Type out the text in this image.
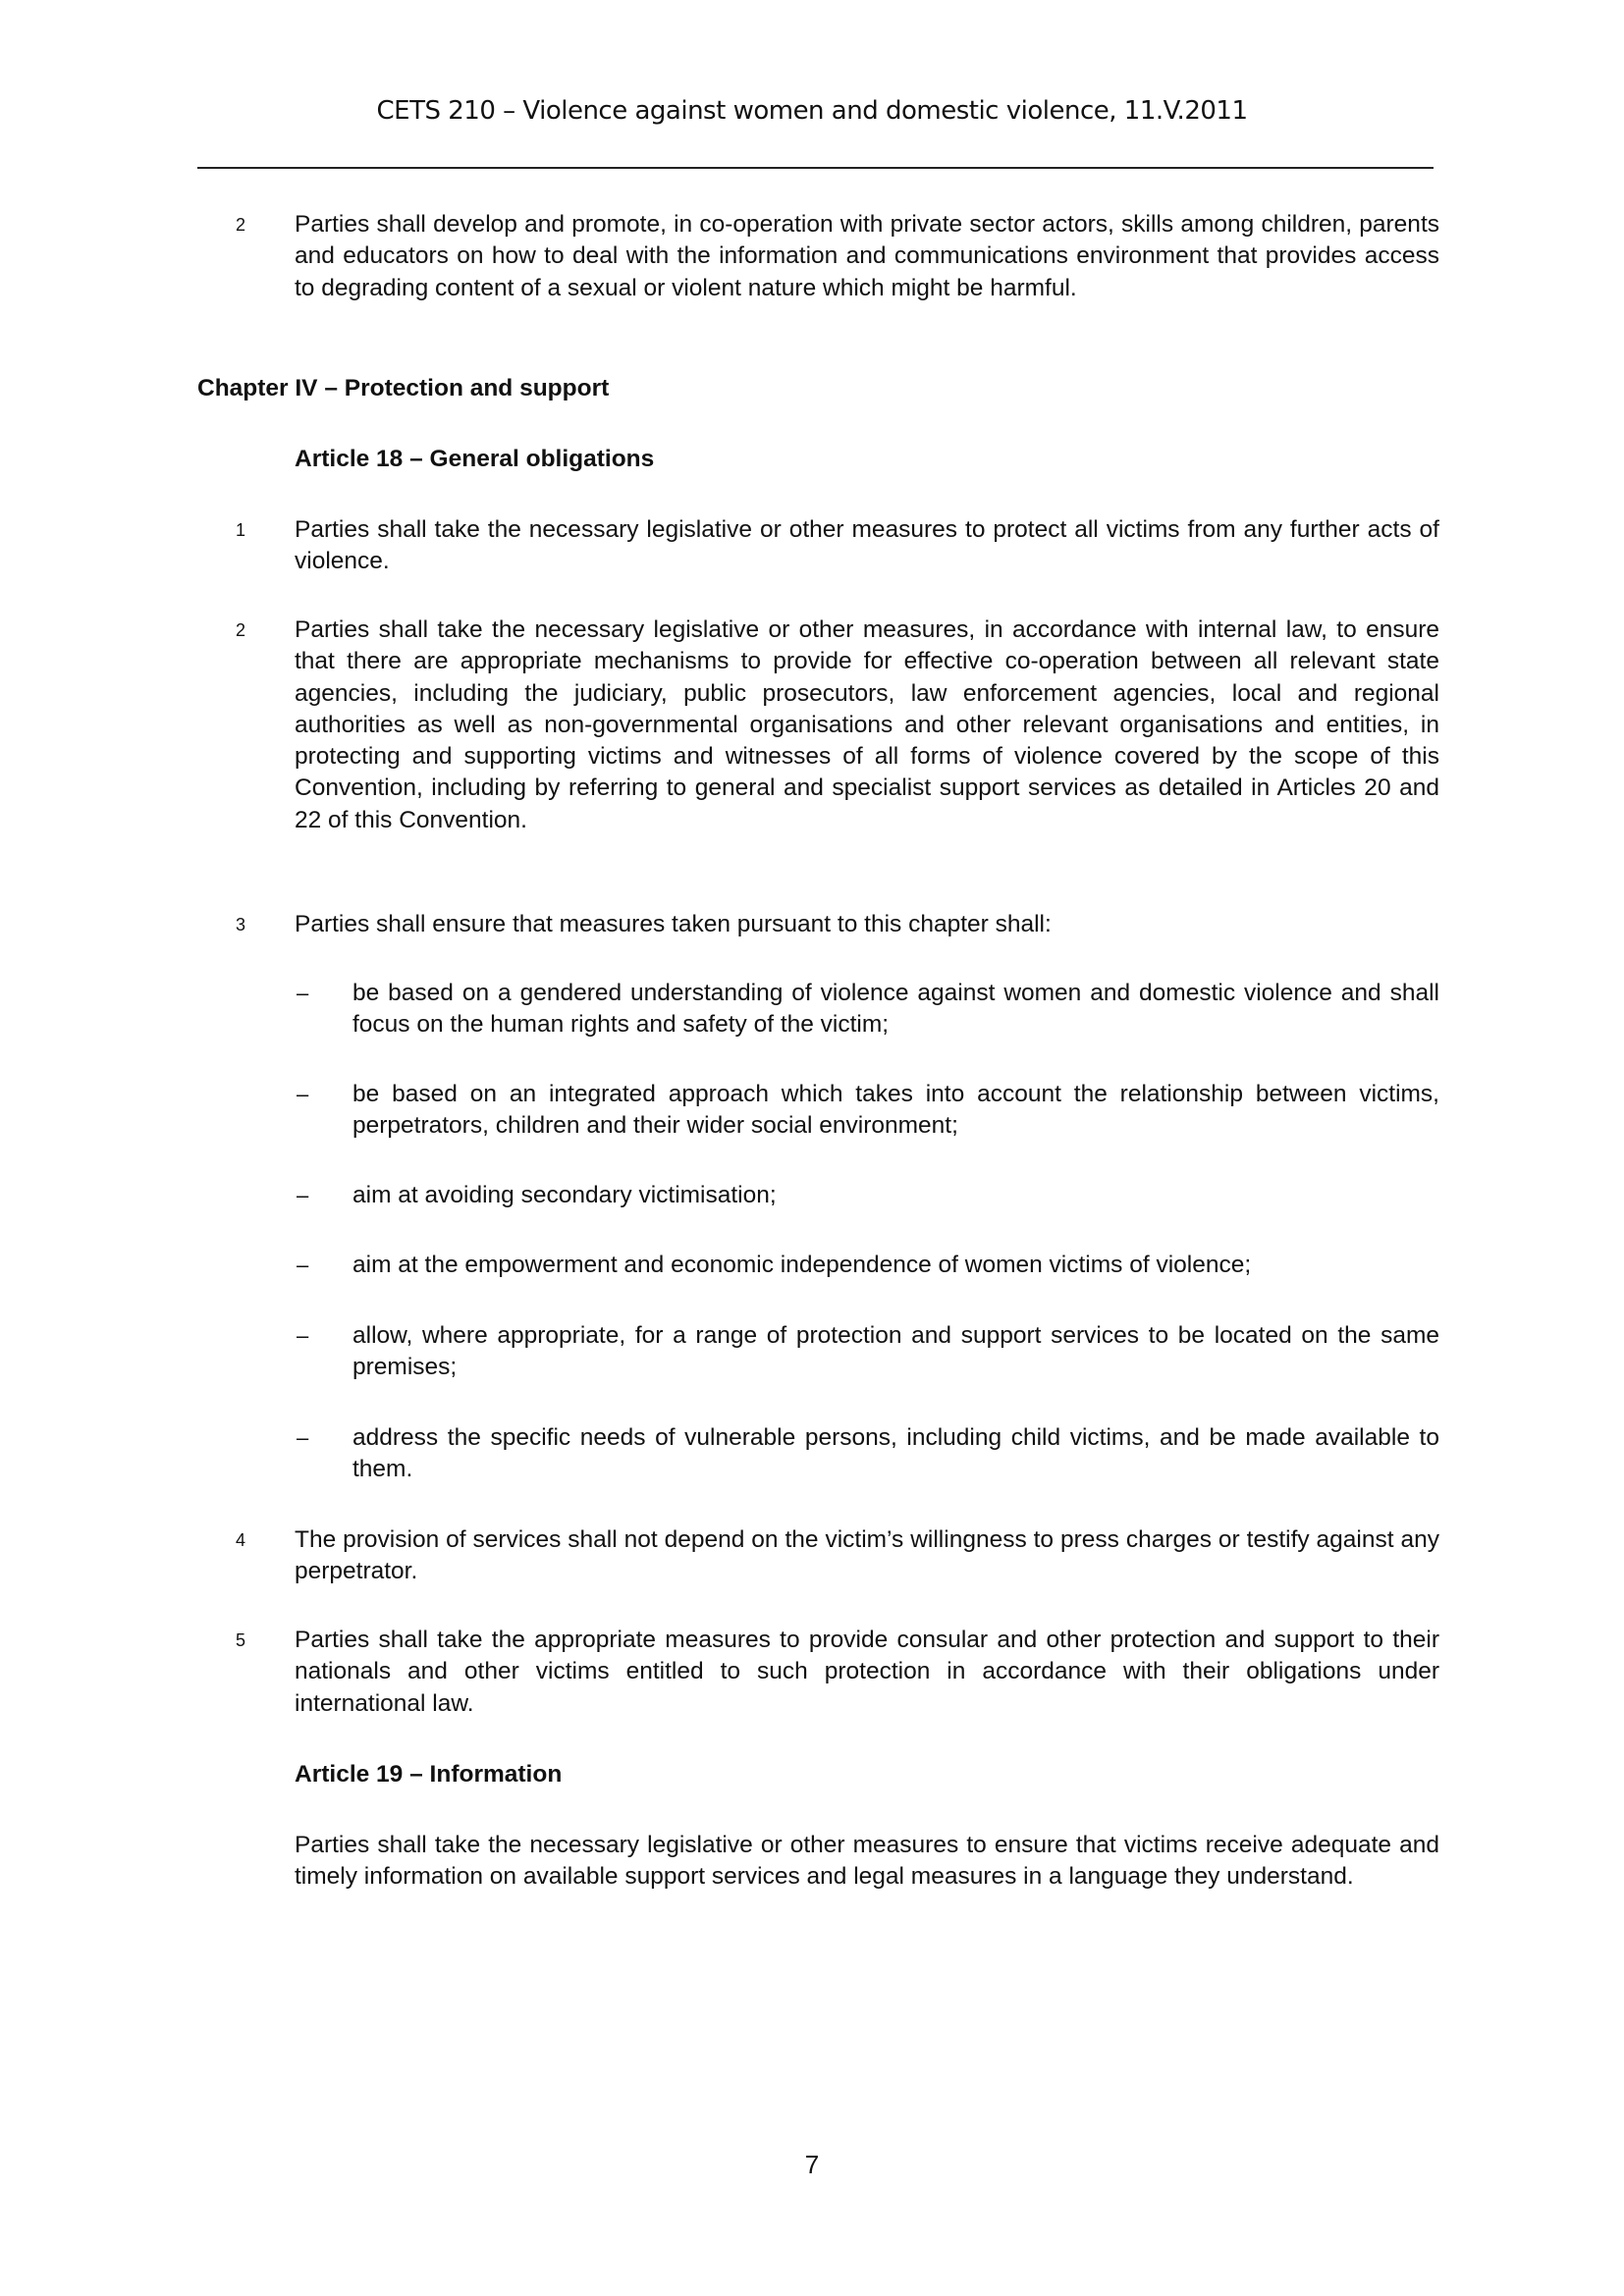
CETS 210 – Violence against women and domestic violence, 11.V.2011
2 Parties shall develop and promote, in co-operation with private sector actors, skills among children, parents and educators on how to deal with the information and communications environment that provides access to degrading content of a sexual or violent nature which might be harmful.
Chapter IV – Protection and support
Article 18 – General obligations
1 Parties shall take the necessary legislative or other measures to protect all victims from any further acts of violence.
2 Parties shall take the necessary legislative or other measures, in accordance with internal law, to ensure that there are appropriate mechanisms to provide for effective co-operation between all relevant state agencies, including the judiciary, public prosecutors, law enforcement agencies, local and regional authorities as well as non-governmental organisations and other relevant organisations and entities, in protecting and supporting victims and witnesses of all forms of violence covered by the scope of this Convention, including by referring to general and specialist support services as detailed in Articles 20 and 22 of this Convention.
3 Parties shall ensure that measures taken pursuant to this chapter shall:
– be based on a gendered understanding of violence against women and domestic violence and shall focus on the human rights and safety of the victim;
– be based on an integrated approach which takes into account the relationship between victims, perpetrators, children and their wider social environment;
– aim at avoiding secondary victimisation;
– aim at the empowerment and economic independence of women victims of violence;
– allow, where appropriate, for a range of protection and support services to be located on the same premises;
– address the specific needs of vulnerable persons, including child victims, and be made available to them.
4 The provision of services shall not depend on the victim’s willingness to press charges or testify against any perpetrator.
5 Parties shall take the appropriate measures to provide consular and other protection and support to their nationals and other victims entitled to such protection in accordance with their obligations under international law.
Article 19 – Information
Parties shall take the necessary legislative or other measures to ensure that victims receive adequate and timely information on available support services and legal measures in a language they understand.
7
